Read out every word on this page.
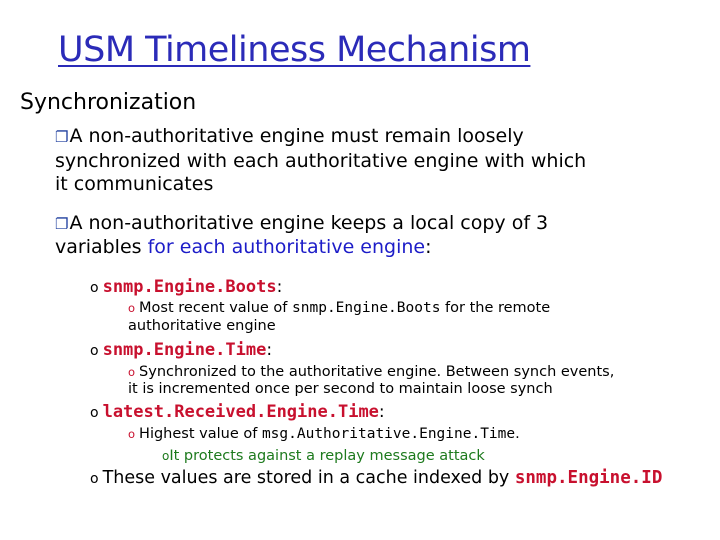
USM Timeliness Mechanism
Synchronization
❐A non-authoritative engine must remain loosely
synchronized with each authoritative engine with which
it communicates
❐A non-authoritative engine keeps a local copy of 3
variables for each authoritative engine:
o snmp.Engine.Boots:
o Most recent value of snmp.Engine.Boots for the remote
authoritative engine
o snmp.Engine.Time:
o Synchronized to the authoritative engine. Between synch events,
it is incremented once per second to maintain loose synch
o latest.Received.Engine.Time:
o Highest value of msg.Authoritative.Engine.Time.
oIt protects against a replay message attack
o These values are stored in a cache indexed by snmp.Engine.ID
